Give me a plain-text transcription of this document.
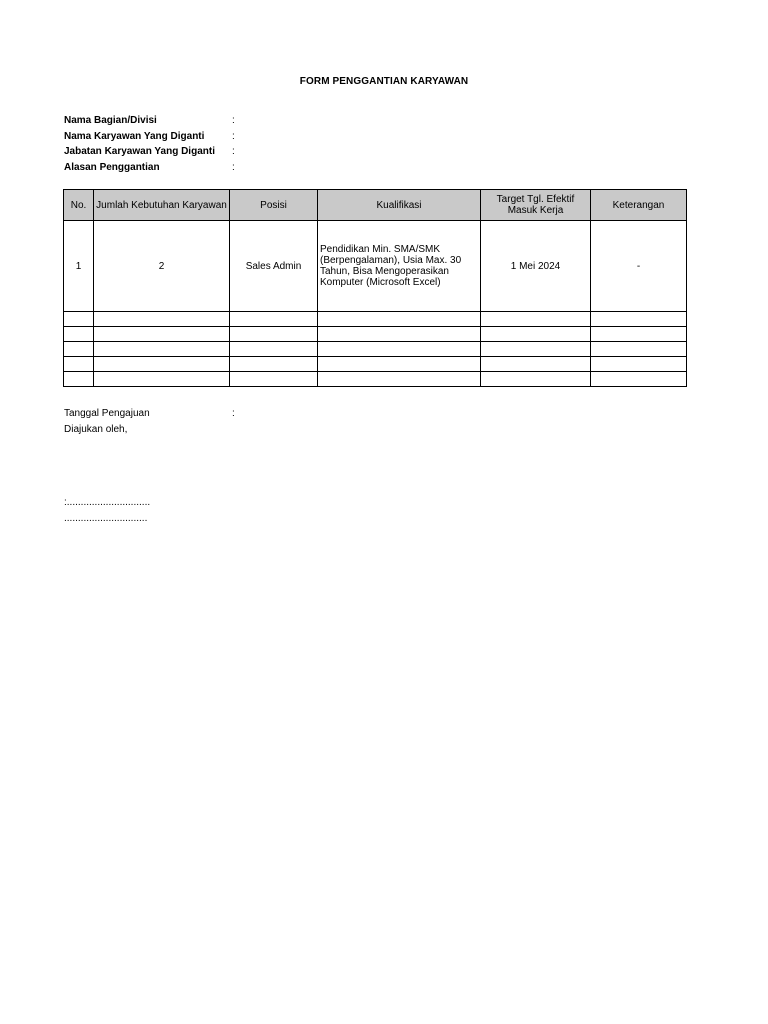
FORM PENGGANTIAN KARYAWAN
Nama Bagian/Divisi	:
Nama Karyawan Yang Diganti	:
Jabatan Karyawan Yang Diganti	:
Alasan Penggantian	:
No.	Jumlah Kebutuhan Karyawan	Posisi	Kualifikasi	Target Tgl. Efektif Masuk Kerja	Keterangan
1	2	Sales Admin	Pendidikan Min. SMA/SMK (Berpengalaman), Usia Max. 30 Tahun, Bisa Mengoperasikan Komputer (Microsoft Excel)	1 Mei 2024	-

Tanggal Pengajuan	:
Diajukan oleh,
:..............................
..............................
